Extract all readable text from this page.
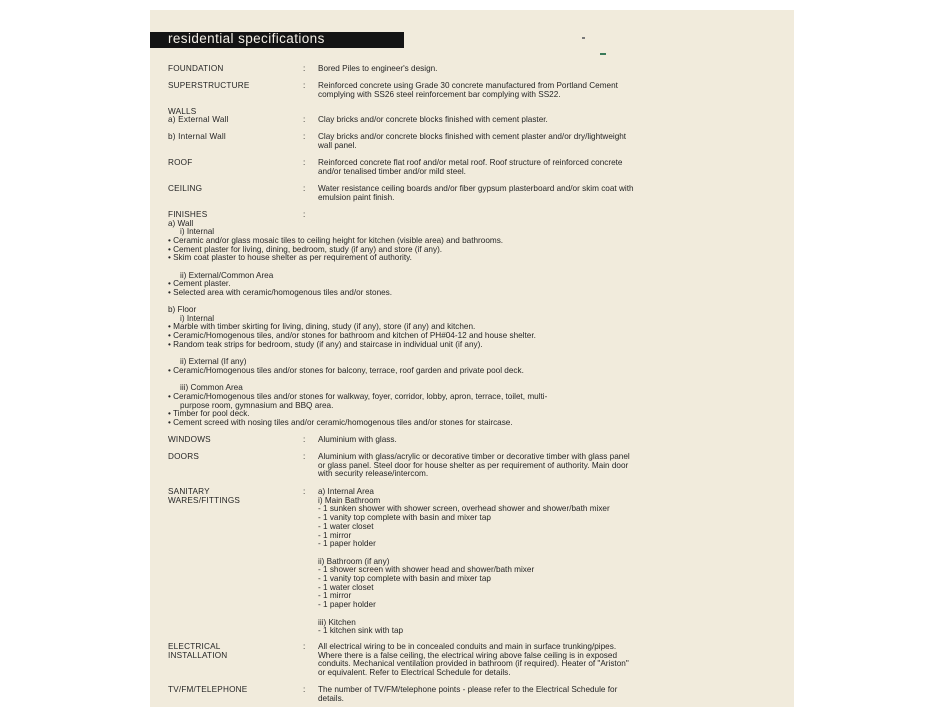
residential specifications
FOUNDATION	: Bored Piles to engineer's design.
SUPERSTRUCTURE	: Reinforced concrete using Grade 30 concrete manufactured from Portland Cement
complying with SS26 steel reinforcement bar complying with SS22.
WALLS
a) External Wall	: Clay bricks and/or concrete blocks finished with cement plaster.
b) Internal Wall	: Clay bricks and/or concrete blocks finished with cement plaster and/or dry/lightweight
wall panel.
ROOF	: Reinforced concrete flat roof and/or metal roof. Roof structure of reinforced concrete
and/or tenalised timber and/or mild steel.
CEILING	: Water resistance ceiling boards and/or fiber gypsum plasterboard and/or skim coat with
emulsion paint finish.
FINISHES	:
a) Wall
i) Internal
• Ceramic and/or glass mosaic tiles to ceiling height for kitchen (visible area) and bathrooms.
• Cement plaster for living, dining, bedroom, study (if any) and store (if any).
• Skim coat plaster to house shelter as per requirement of authority.

ii) External/Common Area
• Cement plaster.
• Selected area with ceramic/homogenous tiles and/or stones.
b) Floor
i) Internal
• Marble with timber skirting for living, dining, study (if any), store (if any) and kitchen.
• Ceramic/Homogenous tiles, and/or stones for bathroom and kitchen of PH#04-12 and house shelter.
• Random teak strips for bedroom, study (if any) and staircase in individual unit (if any).

ii) External (If any)
• Ceramic/Homogenous tiles and/or stones for balcony, terrace, roof garden and private pool deck.

iii) Common Area
• Ceramic/Homogenous tiles and/or stones for walkway, foyer, corridor, lobby, apron, terrace, toilet, multi-
purpose room, gymnasium and BBQ area.
• Timber for pool deck.
• Cement screed with nosing tiles and/or ceramic/homogenous tiles and/or stones for staircase.
WINDOWS	: Aluminium with glass.
DOORS	: Aluminium with glass/acrylic or decorative timber or decorative timber with glass panel
or glass panel. Steel door for house shelter as per requirement of authority. Main door
with security release/intercom.
SANITARY
WARES/FITTINGS
: a) Internal Area
i) Main Bathroom
- 1 sunken shower with shower screen, overhead shower and shower/bath mixer
- 1 vanity top complete with basin and mixer tap
- 1 water closet
- 1 mirror
- 1 paper holder

ii) Bathroom (if any)
- 1 shower screen with shower head and shower/bath mixer
- 1 vanity top complete with basin and mixer tap
- 1 water closet
- 1 mirror
- 1 paper holder

iii) Kitchen
- 1 kitchen sink with tap
ELECTRICAL
INSTALLATION
: All electrical wiring to be in concealed conduits and main in surface trunking/pipes.
Where there is a false ceiling, the electrical wiring above false ceiling is in exposed
conduits. Mechanical ventilation provided in bathroom (if required). Heater of "Ariston"
or equivalent. Refer to Electrical Schedule for details.
TV/FM/TELEPHONE	: The number of TV/FM/telephone points - please refer to the Electrical Schedule for
details.
